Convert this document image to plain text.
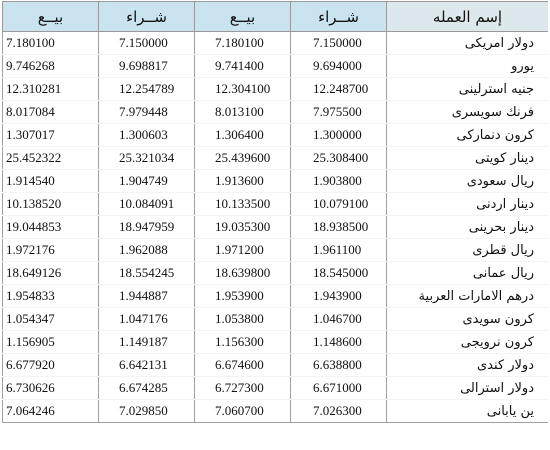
بيــع	شــراء	بيــع	شــراء	إسم العمله
7.180100	7.150000	7.180100	7.150000	دولار امريكى
9.746268	9.698817	9.741400	9.694000	يورو
12.310281	12.254789	12.304100	12.248700	جنيه استرلينى
8.017084	7.979448	8.013100	7.975500	فرنك سويسرى
1.307017	1.300603	1.306400	1.300000	كرون دنماركى
25.452322	25.321034	25.439600	25.308400	دينار كويتى
1.914540	1.904749	1.913600	1.903800	ريال سعودى
10.138520	10.084091	10.133500	10.079100	دينار اردنى
19.044853	18.947959	19.035300	18.938500	دينار بحرينى
1.972176	1.962088	1.971200	1.961100	ريال قطرى
18.649126	18.554245	18.639800	18.545000	ريال عمانى
1.954833	1.944887	1.953900	1.943900	درهم الامارات العربية
1.054347	1.047176	1.053800	1.046700	كرون سويدى
1.156905	1.149187	1.156300	1.148600	كرون نرويجى
6.677920	6.642131	6.674600	6.638800	دولار كندى
6.730626	6.674285	6.727300	6.671000	دولار استرالى
7.064246	7.029850	7.060700	7.026300	ين يابانى
